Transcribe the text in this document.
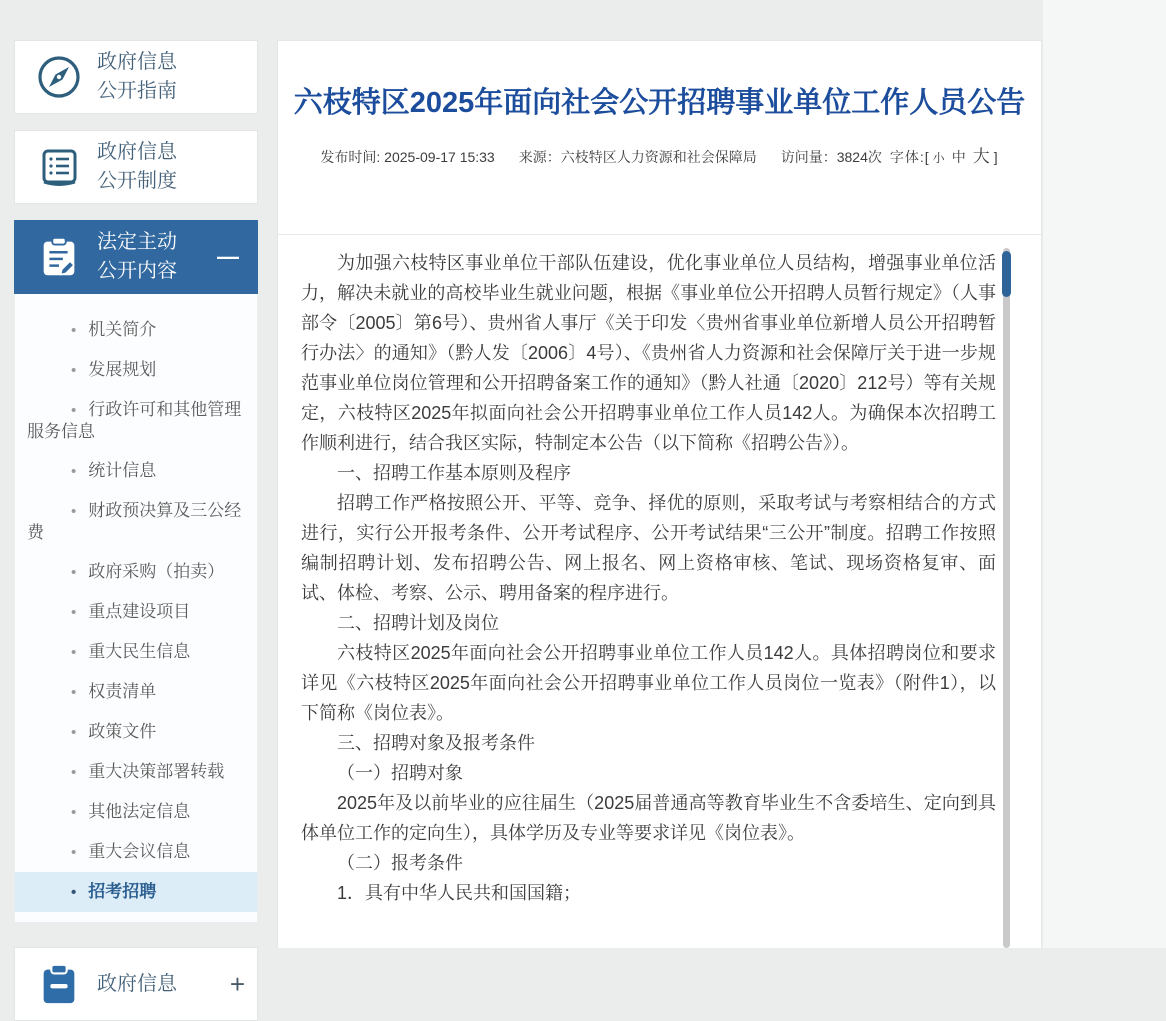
政府信息
公开指南
政府信息
公开制度
法定主动
公开内容
—
• 机关简介
• 发展规划
• 行政许可和其他管理服务信息
• 统计信息
• 财政预决算及三公经费
• 政府采购（拍卖）
• 重点建设项目
• 重大民生信息
• 权责清单
• 政策文件
• 重大决策部署转载
• 其他法定信息
• 重大会议信息
• 招考招聘
政府信息 +
六枝特区2025年面向社会公开招聘事业单位工作人员公告
发布时间: 2025-09-17 15:33 来源：六枝特区人力资源和社会保障局 访问量：3824次 字体:[ 小 中 大 ]

为加强六枝特区事业单位干部队伍建设，优化事业单位人员结构，增强事业单位活力，解决未就业的高校毕业生就业问题，根据《事业单位公开招聘人员暂行规定》（人事部令〔2005〕第6号）、贵州省人事厅《关于印发〈贵州省事业单位新增人员公开招聘暂行办法〉的通知》（黔人发〔2006〕4号）、《贵州省人力资源和社会保障厅关于进一步规范事业单位岗位管理和公开招聘备案工作的通知》（黔人社通〔2020〕212号）等有关规定，六枝特区2025年拟面向社会公开招聘事业单位工作人员142人。为确保本次招聘工作顺利进行，结合我区实际，特制定本公告（以下简称《招聘公告》）。

一、招聘工作基本原则及程序

招聘工作严格按照公开、平等、竞争、择优的原则，采取考试与考察相结合的方式进行，实行公开报考条件、公开考试程序、公开考试结果“三公开”制度。招聘工作按照编制招聘计划、发布招聘公告、网上报名、网上资格审核、笔试、现场资格复审、面试、体检、考察、公示、聘用备案的程序进行。

二、招聘计划及岗位

六枝特区2025年面向社会公开招聘事业单位工作人员142人。具体招聘岗位和要求详见《六枝特区2025年面向社会公开招聘事业单位工作人员岗位一览表》（附件1），以下简称《岗位表》。

三、招聘对象及报考条件

（一）招聘对象

2025年及以前毕业的应往届生（2025届普通高等教育毕业生不含委培生、定向到具体单位工作的定向生），具体学历及专业等要求详见《岗位表》。

（二）报考条件

1．具有中华人民共和国国籍；
